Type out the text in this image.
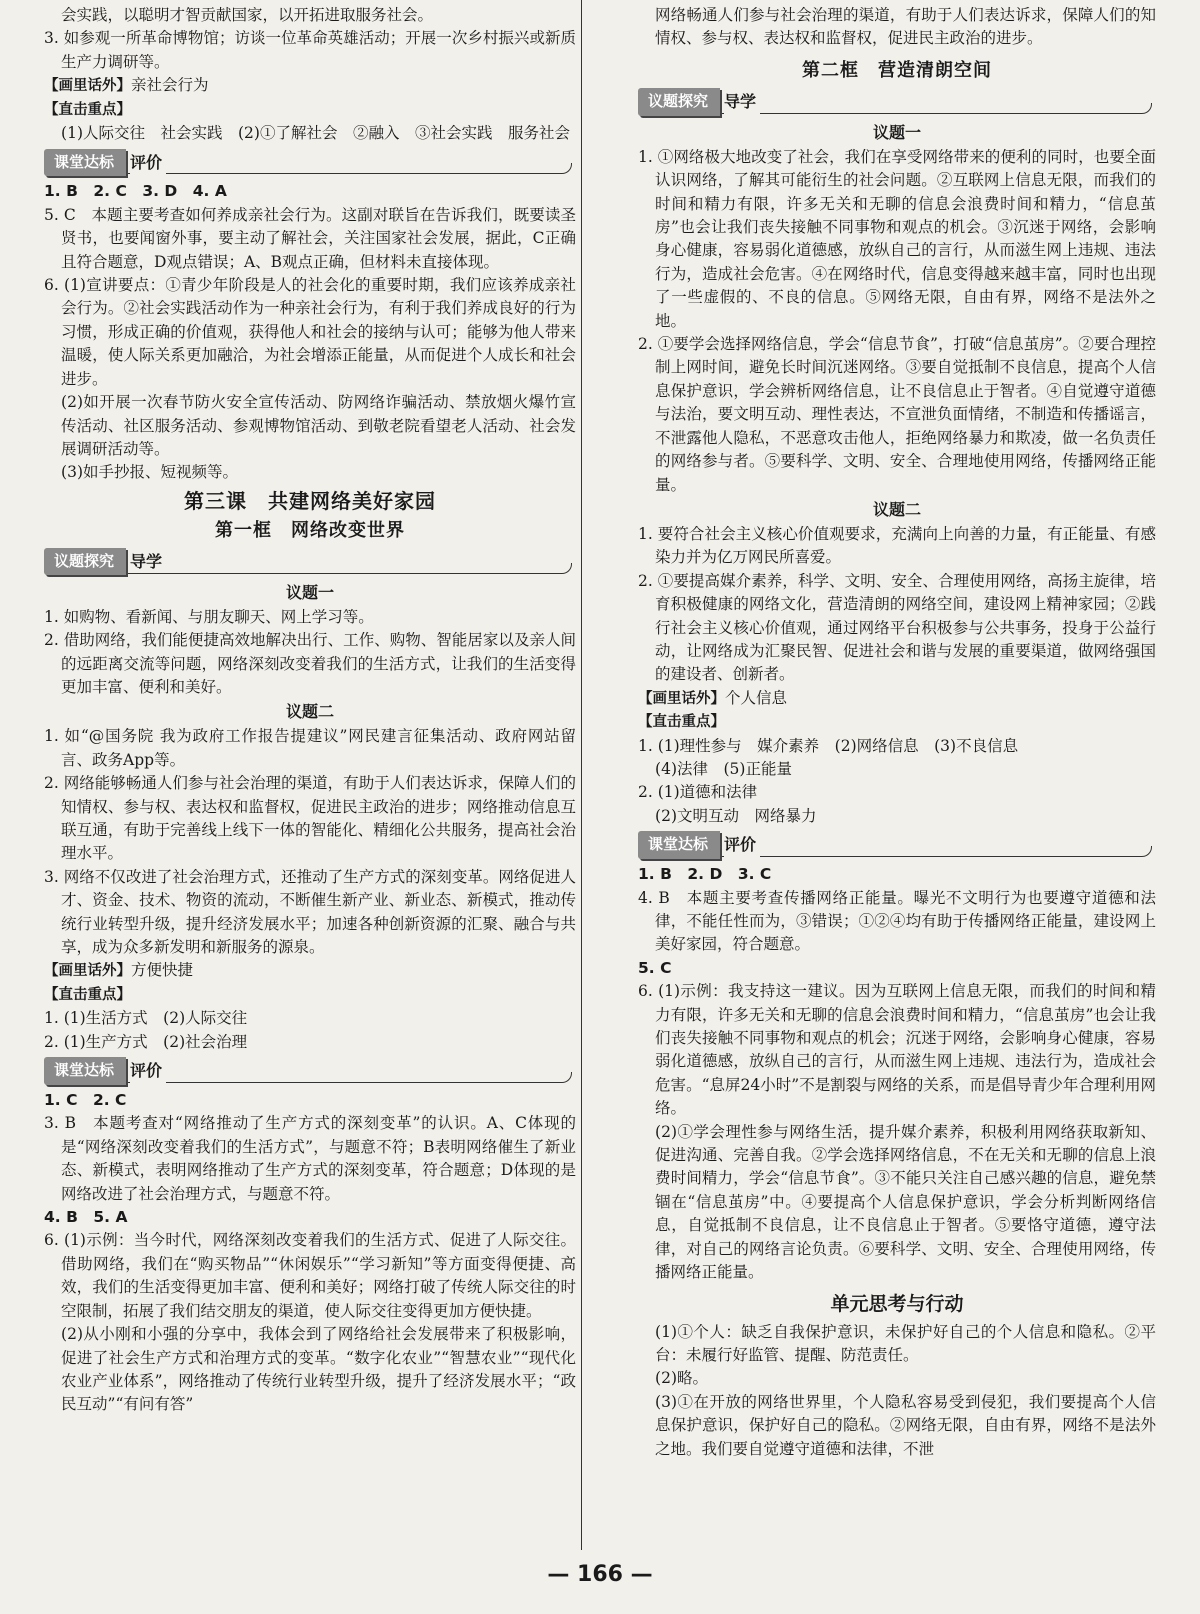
会实践，以聪明才智贡献国家，以开拓进取服务社会。

3. 如参观一所革命博物馆；访谈一位革命英雄活动；开展一次乡村振兴或新质生产力调研等。

【画里话外】亲社会行为

【直击重点】

(1)人际交往　社会实践　(2)①了解社会　②融入　③社会实践　服务社会

课堂达标	评价

1. B　2. C　3. D　4. A

5. C　本题主要考查如何养成亲社会行为。这副对联旨在告诉我们，既要读圣贤书，也要闻窗外事，要主动了解社会，关注国家社会发展，据此，C正确且符合题意，D观点错误；A、B观点正确，但材料未直接体现。

6. (1)宣讲要点：①青少年阶段是人的社会化的重要时期，我们应该养成亲社会行为。②社会实践活动作为一种亲社会行为，有利于我们养成良好的行为习惯，形成正确的价值观，获得他人和社会的接纳与认可；能够为他人带来温暖，使人际关系更加融洽，为社会增添正能量，从而促进个人成长和社会进步。

(2)如开展一次春节防火安全宣传活动、防网络诈骗活动、禁放烟火爆竹宣传活动、社区服务活动、参观博物馆活动、到敬老院看望老人活动、社会发展调研活动等。

(3)如手抄报、短视频等。

第三课　共建网络美好家园
第一框　网络改变世界
议题探究	导学
议题一

1. 如购物、看新闻、与朋友聊天、网上学习等。

2. 借助网络，我们能便捷高效地解决出行、工作、购物、智能居家以及亲人间的远距离交流等问题，网络深刻改变着我们的生活方式，让我们的生活变得更加丰富、便利和美好。

议题二

1. 如“@国务院 我为政府工作报告提建议”网民建言征集活动、政府网站留言、政务App等。

2. 网络能够畅通人们参与社会治理的渠道，有助于人们表达诉求，保障人们的知情权、参与权、表达权和监督权，促进民主政治的进步；网络推动信息互联互通，有助于完善线上线下一体的智能化、精细化公共服务，提高社会治理水平。

3. 网络不仅改进了社会治理方式，还推动了生产方式的深刻变革。网络促进人才、资金、技术、物资的流动，不断催生新产业、新业态、新模式，推动传统行业转型升级，提升经济发展水平；加速各种创新资源的汇聚、融合与共享，成为众多新发明和新服务的源泉。

【画里话外】方便快捷

【直击重点】

1. (1)生活方式　(2)人际交往

2. (1)生产方式　(2)社会治理

课堂达标	评价

1. C　2. C

3. B　本题考查对“网络推动了生产方式的深刻变革”的认识。A、C体现的是“网络深刻改变着我们的生活方式”，与题意不符；B表明网络催生了新业态、新模式，表明网络推动了生产方式的深刻变革，符合题意；D体现的是网络改进了社会治理方式，与题意不符。

4. B　5. A

6. (1)示例：当今时代，网络深刻改变着我们的生活方式、促进了人际交往。借助网络，我们在“购买物品”“休闲娱乐”“学习新知”等方面变得便捷、高效，我们的生活变得更加丰富、便利和美好；网络打破了传统人际交往的时空限制，拓展了我们结交朋友的渠道，使人际交往变得更加方便快捷。

(2)从小刚和小强的分享中，我体会到了网络给社会发展带来了积极影响，促进了社会生产方式和治理方式的变革。“数字化农业”“智慧农业”“现代化农业产业体系”，网络推动了传统行业转型升级，提升了经济发展水平；“政民互动”“有问有答”

网络畅通人们参与社会治理的渠道，有助于人们表达诉求，保障人们的知情权、参与权、表达权和监督权，促进民主政治的进步。

第二框　营造清朗空间
议题探究	导学
议题一

1. ①网络极大地改变了社会，我们在享受网络带来的便利的同时，也要全面认识网络，了解其可能衍生的社会问题。②互联网上信息无限，而我们的时间和精力有限，许多无关和无聊的信息会浪费时间和精力，“信息茧房”也会让我们丧失接触不同事物和观点的机会。③沉迷于网络，会影响身心健康，容易弱化道德感，放纵自己的言行，从而滋生网上违规、违法行为，造成社会危害。④在网络时代，信息变得越来越丰富，同时也出现了一些虚假的、不良的信息。⑤网络无限，自由有界，网络不是法外之地。

2. ①要学会选择网络信息，学会“信息节食”，打破“信息茧房”。②要合理控制上网时间，避免长时间沉迷网络。③要自觉抵制不良信息，提高个人信息保护意识，学会辨析网络信息，让不良信息止于智者。④自觉遵守道德与法治，要文明互动、理性表达，不宣泄负面情绪，不制造和传播谣言，不泄露他人隐私，不恶意攻击他人，拒绝网络暴力和欺凌，做一名负责任的网络参与者。⑤要科学、文明、安全、合理地使用网络，传播网络正能量。

议题二

1. 要符合社会主义核心价值观要求，充满向上向善的力量，有正能量、有感染力并为亿万网民所喜爱。

2. ①要提高媒介素养，科学、文明、安全、合理使用网络，高扬主旋律，培育积极健康的网络文化，营造清朗的网络空间，建设网上精神家园；②践行社会主义核心价值观，通过网络平台积极参与公共事务，投身于公益行动，让网络成为汇聚民智、促进社会和谐与发展的重要渠道，做网络强国的建设者、创新者。

【画里话外】个人信息

【直击重点】

1. (1)理性参与　媒介素养　(2)网络信息　(3)不良信息

(4)法律　(5)正能量

2. (1)道德和法律

(2)文明互动　网络暴力

课堂达标	评价

1. B　2. D　3. C

4. B　本题主要考查传播网络正能量。曝光不文明行为也要遵守道德和法律，不能任性而为，③错误；①②④均有助于传播网络正能量，建设网上美好家园，符合题意。

5. C

6. (1)示例：我支持这一建议。因为互联网上信息无限，而我们的时间和精力有限，许多无关和无聊的信息会浪费时间和精力，“信息茧房”也会让我们丧失接触不同事物和观点的机会；沉迷于网络，会影响身心健康，容易弱化道德感，放纵自己的言行，从而滋生网上违规、违法行为，造成社会危害。“息屏24小时”不是割裂与网络的关系，而是倡导青少年合理利用网络。

(2)①学会理性参与网络生活，提升媒介素养，积极利用网络获取新知、促进沟通、完善自我。②学会选择网络信息，不在无关和无聊的信息上浪费时间精力，学会“信息节食”。③不能只关注自己感兴趣的信息，避免禁锢在“信息茧房”中。④要提高个人信息保护意识，学会分析判断网络信息，自觉抵制不良信息，让不良信息止于智者。⑤要恪守道德，遵守法律，对自己的网络言论负责。⑥要科学、文明、安全、合理使用网络，传播网络正能量。

单元思考与行动

(1)①个人：缺乏自我保护意识，未保护好自己的个人信息和隐私。②平台：未履行好监管、提醒、防范责任。

(2)略。

(3)①在开放的网络世界里，个人隐私容易受到侵犯，我们要提高个人信息保护意识，保护好自己的隐私。②网络无限，自由有界，网络不是法外之地。我们要自觉遵守道德和法律，不泄

— 166 —
